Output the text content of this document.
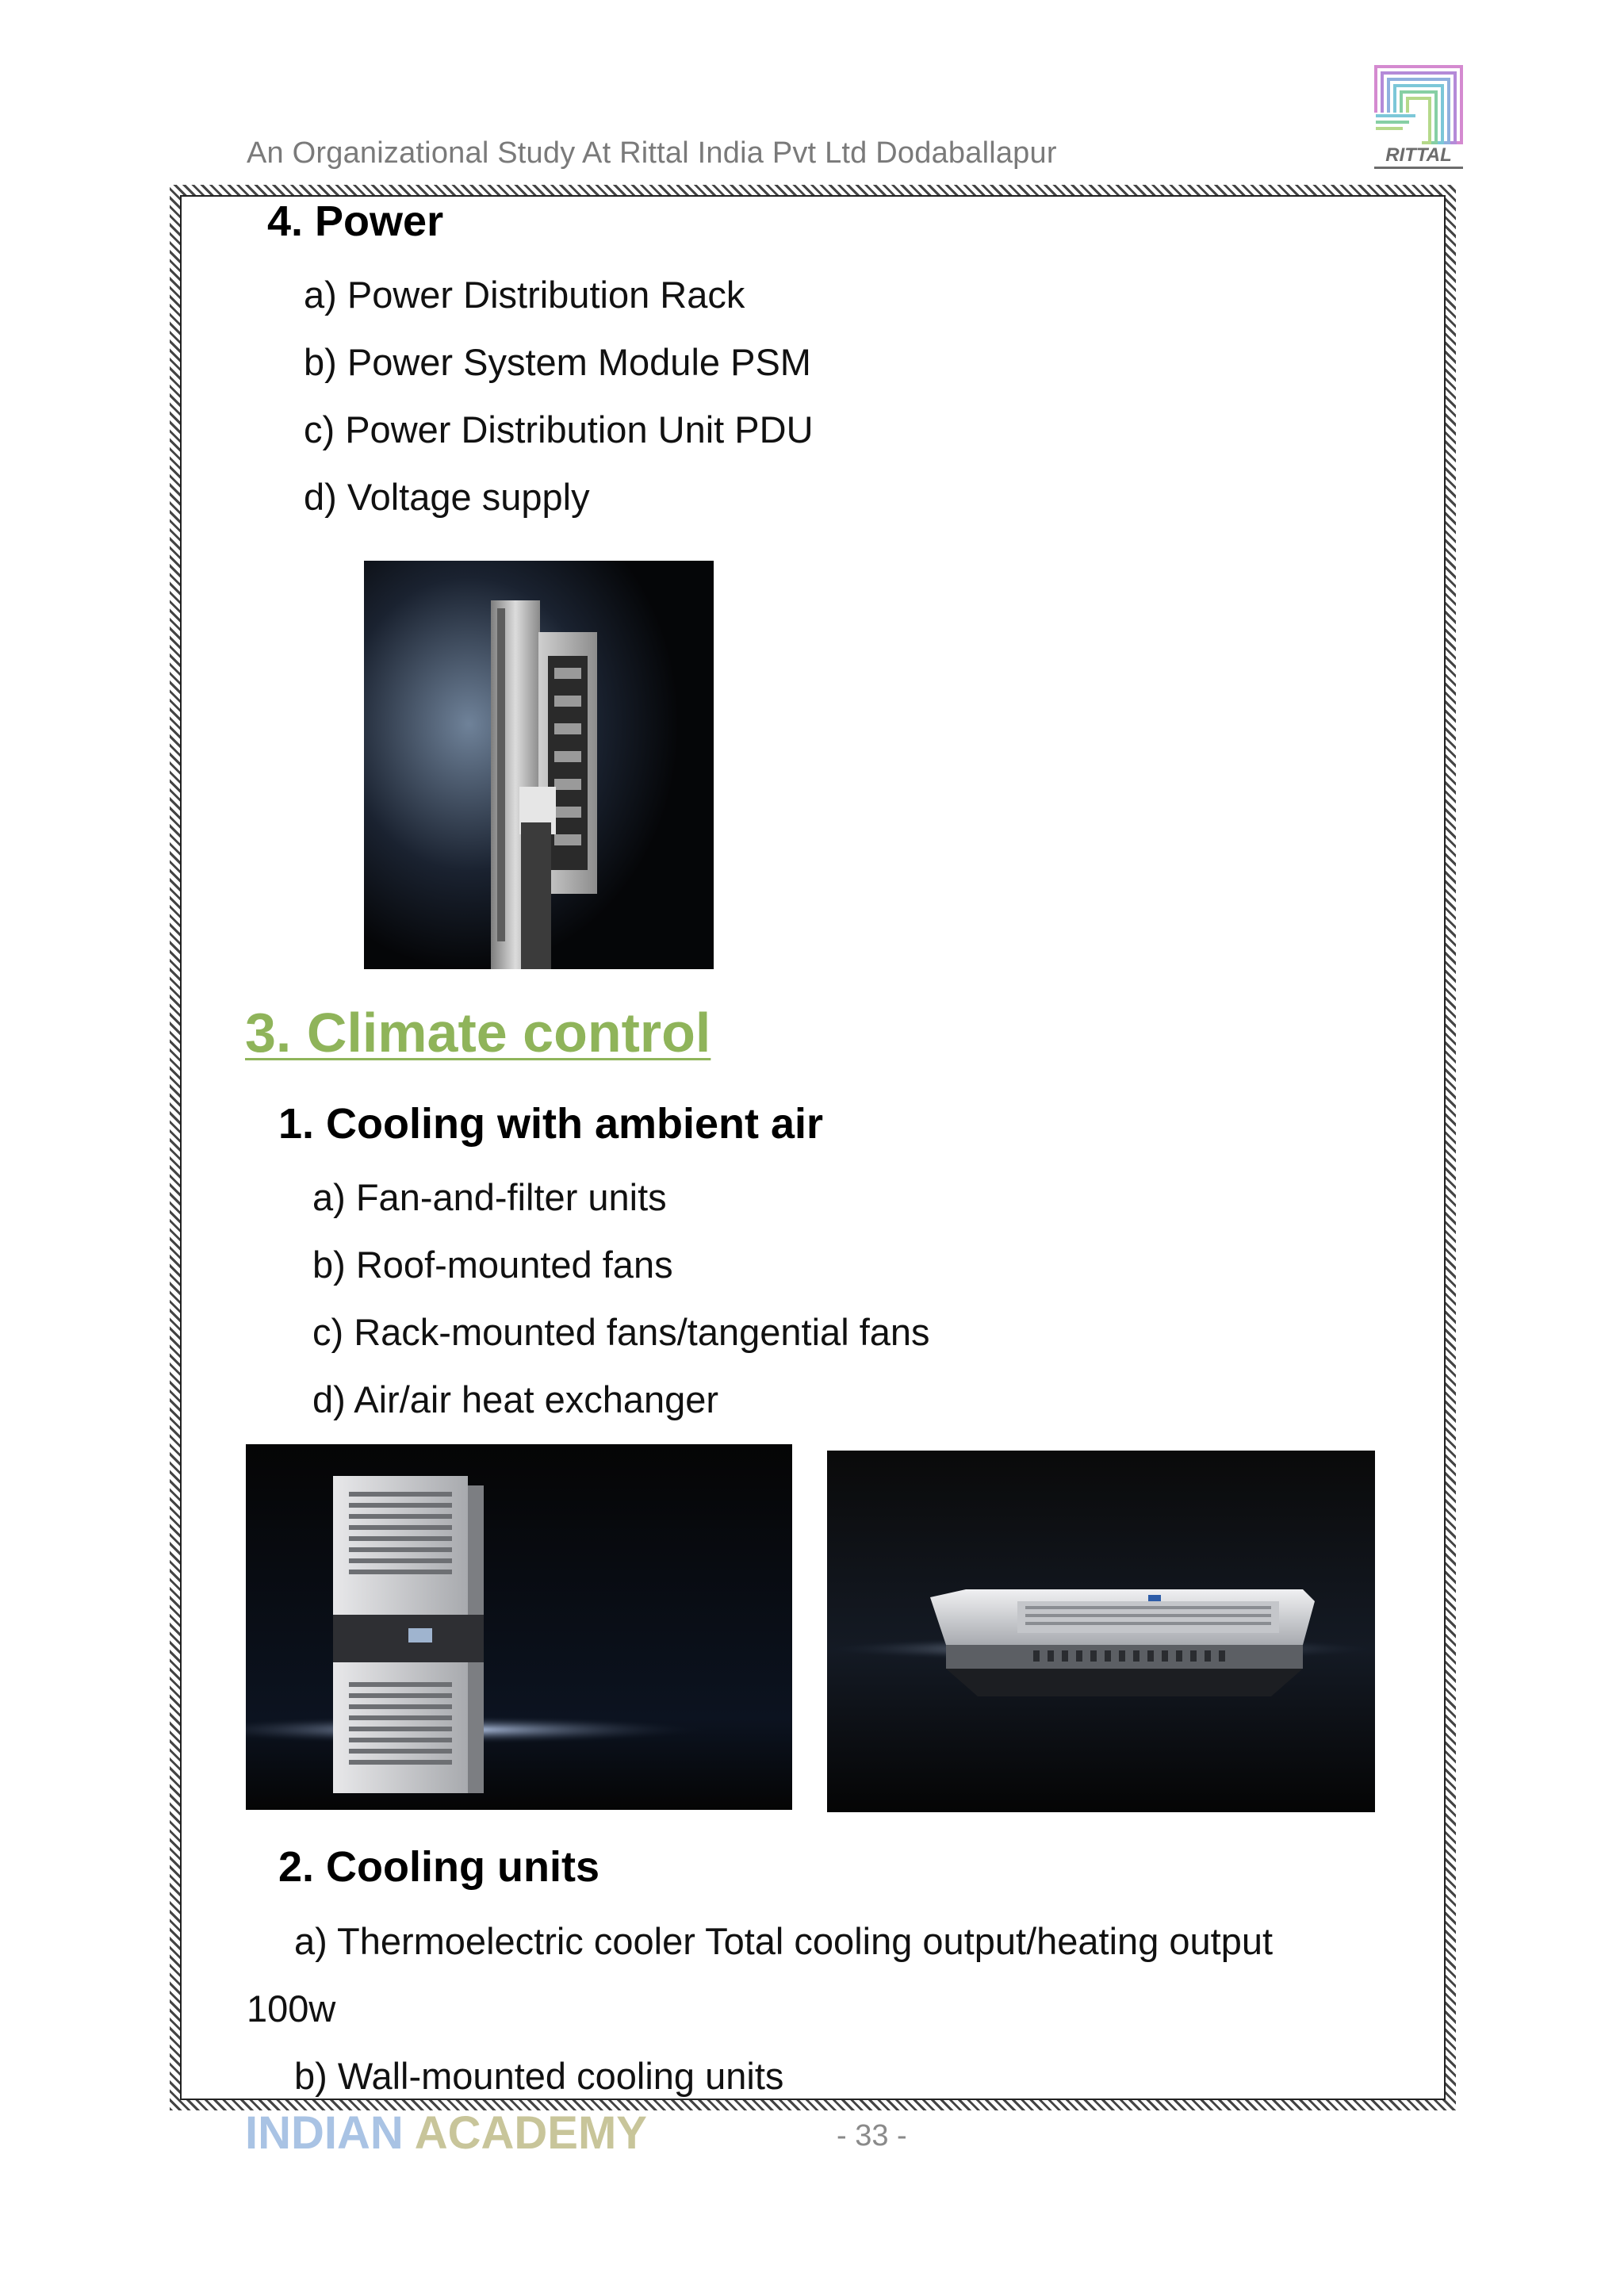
An Organizational Study At Rittal India Pvt Ltd Dodaballapur	RITTAL
4. Power
a) Power Distribution Rack
b) Power System Module PSM
c) Power Distribution Unit PDU
d) Voltage supply
3. Climate control
1. Cooling with ambient air
a) Fan-and-filter units
b) Roof-mounted fans
c) Rack-mounted fans/tangential fans
d) Air/air heat exchanger
2. Cooling units
a) Thermoelectric cooler Total cooling output/heating output
100w
b) Wall-mounted cooling units
INDIAN ACADEMY	- 33 -
